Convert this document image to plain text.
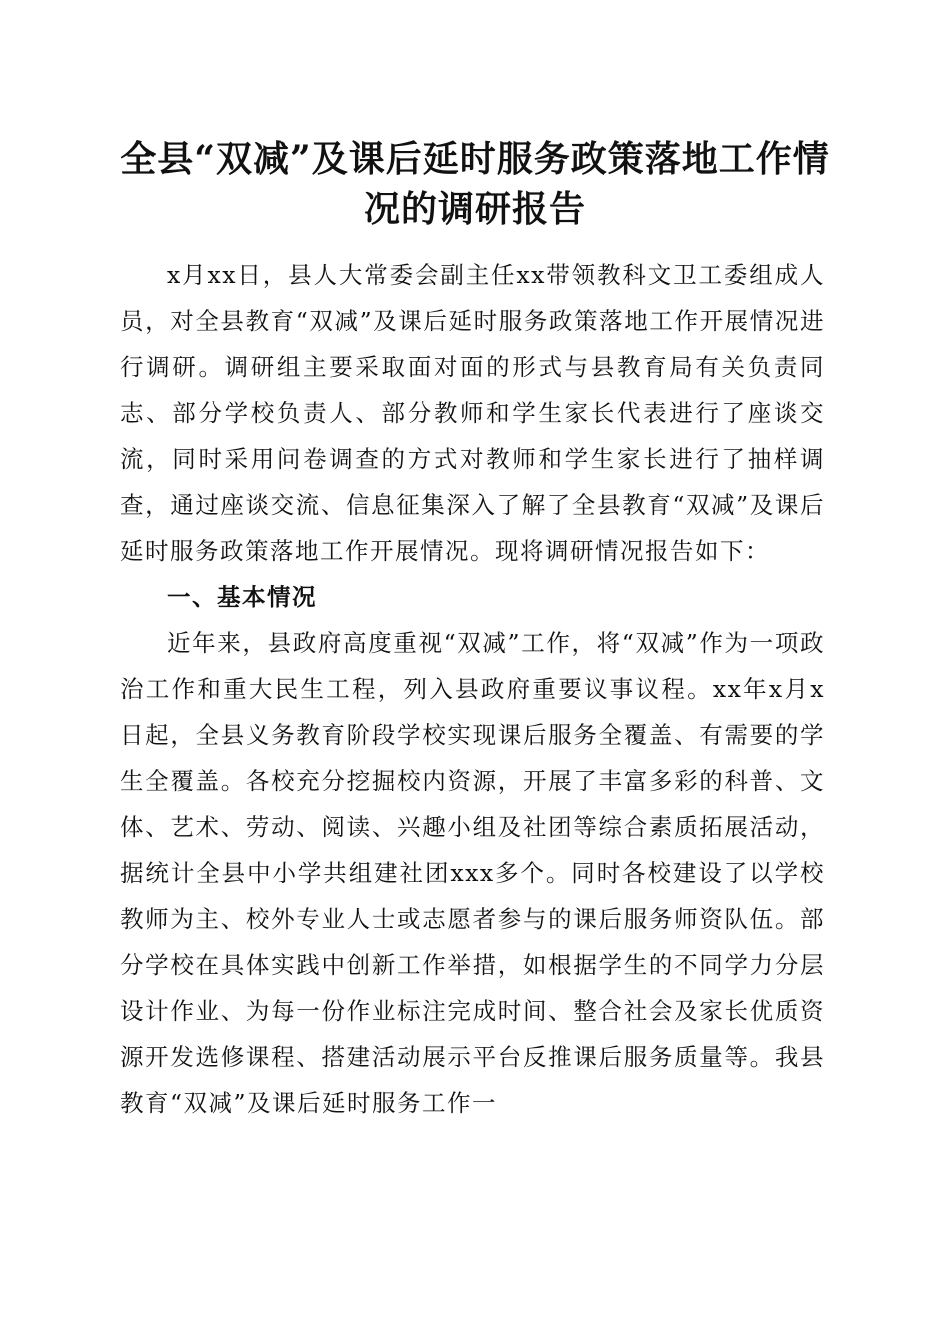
全县“双减”及课后延时服务政策落地工作情
况的调研报告

x月xx日，县人大常委会副主任xx带领教科文卫工委组成人员，对全县教育“双减”及课后延时服务政策落地工作开展情况进行调研。调研组主要采取面对面的形式与县教育局有关负责同志、部分学校负责人、部分教师和学生家长代表进行了座谈交流，同时采用问卷调查的方式对教师和学生家长进行了抽样调查，通过座谈交流、信息征集深入了解了全县教育“双减”及课后延时服务政策落地工作开展情况。现将调研情况报告如下：

一、基本情况

近年来，县政府高度重视“双减”工作，将“双减”作为一项政治工作和重大民生工程，列入县政府重要议事议程。xx年x月x日起，全县义务教育阶段学校实现课后服务全覆盖、有需要的学生全覆盖。各校充分挖掘校内资源，开展了丰富多彩的科普、文体、艺术、劳动、阅读、兴趣小组及社团等综合素质拓展活动，据统计全县中小学共组建社团xxx多个。同时各校建设了以学校教师为主、校外专业人士或志愿者参与的课后服务师资队伍。部分学校在具体实践中创新工作举措，如根据学生的不同学力分层设计作业、为每一份作业标注完成时间、整合社会及家长优质资源开发选修课程、搭建活动展示平台反推课后服务质量等。我县教育“双减”及课后延时服务工作一
